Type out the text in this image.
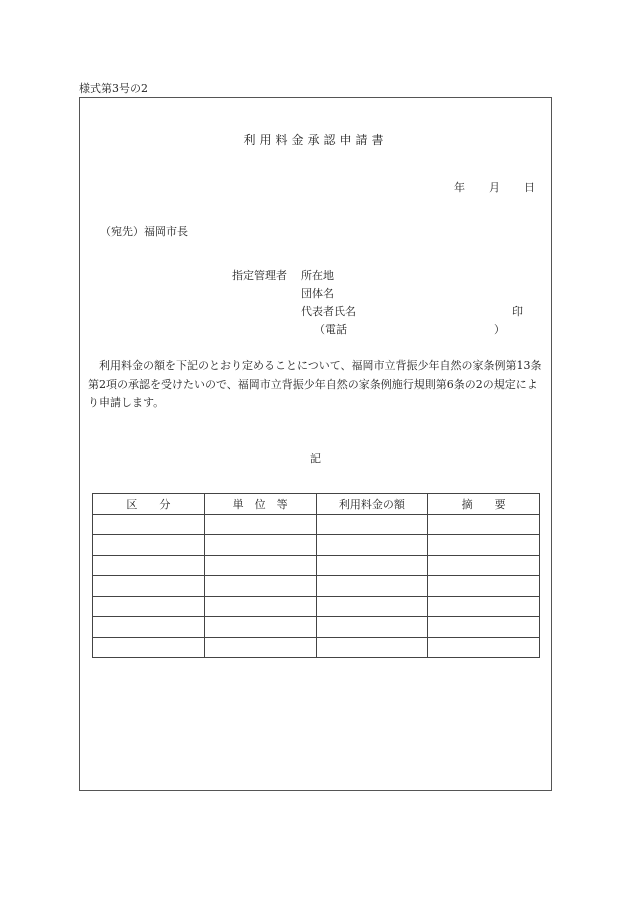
様式第3号の2
利用料金承認申請書
年 月 日
（宛先）福岡市長
指定管理者 所在地
団体名
代表者氏名	印
（電話	）
利用料金の額を下記のとおり定めることについて、福岡市立背振少年自然の家条例第13条第2項の承認を受けたいので、福岡市立背振少年自然の家条例施行規則第6条の2の規定により申請します。
記
区　　分	単　位　等	利用料金の額	摘　　要
